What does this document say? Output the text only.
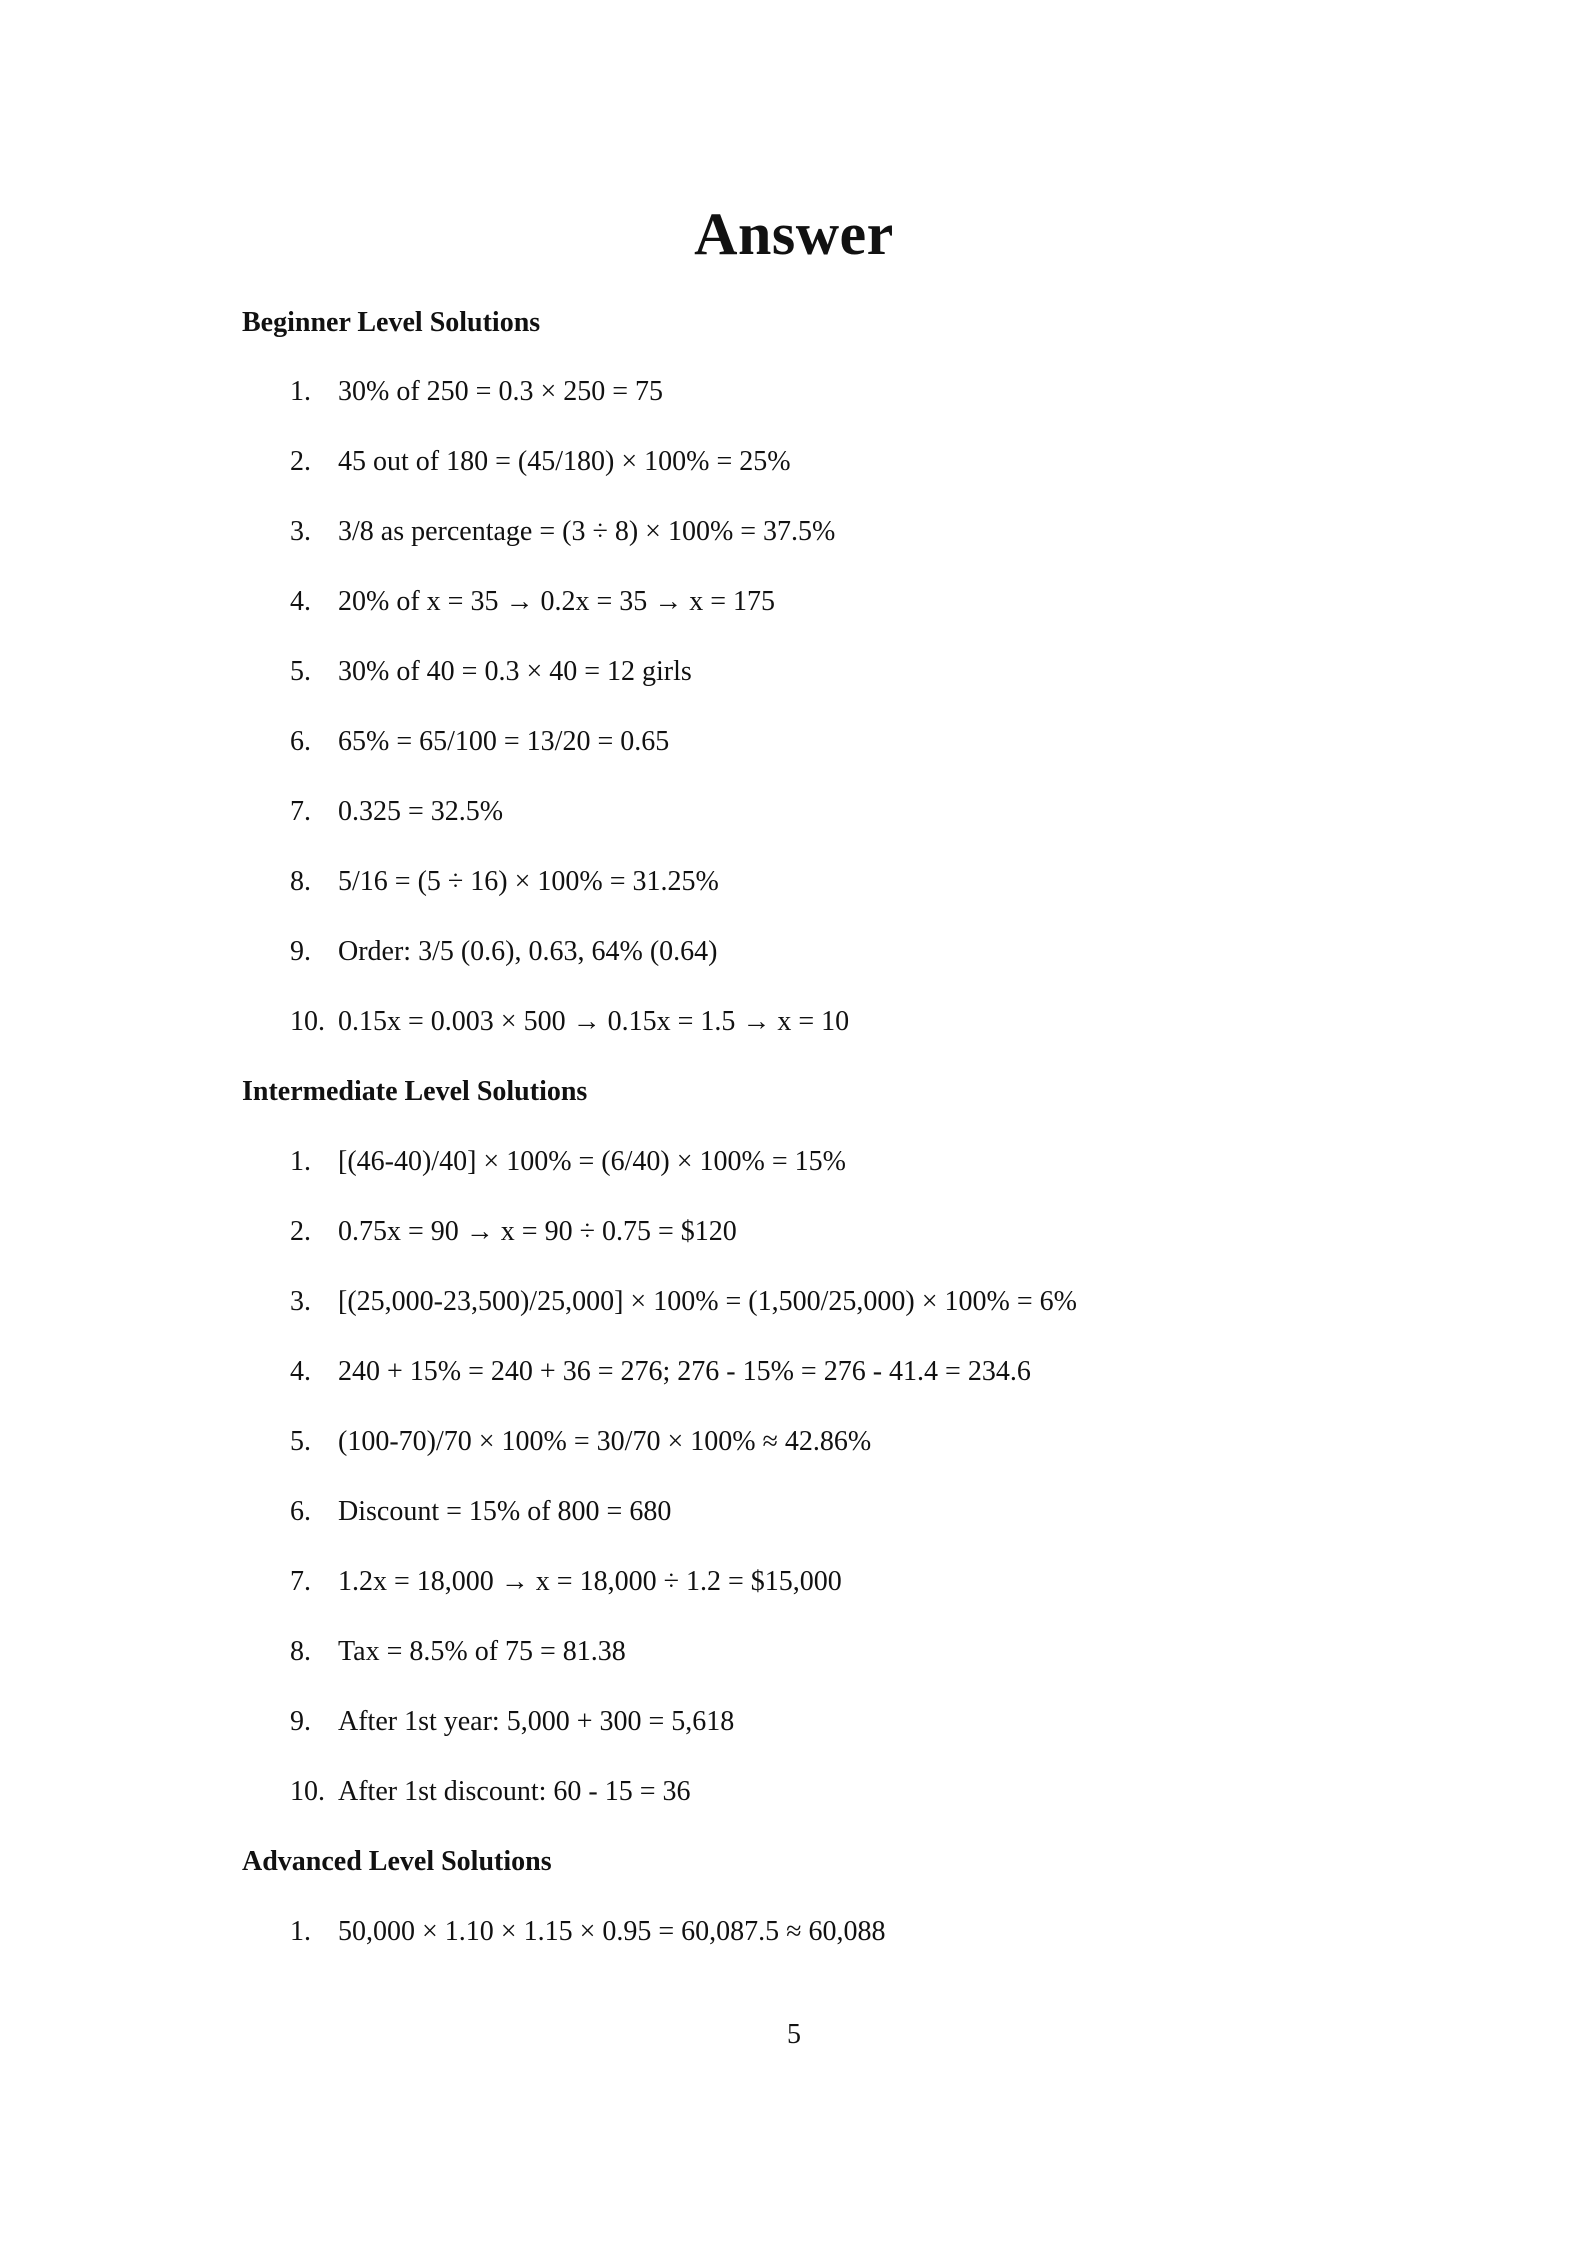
Answer
Beginner Level Solutions
1. 30% of 250 = 0.3 × 250 = 75
2. 45 out of 180 = (45/180) × 100% = 25%
3. 3/8 as percentage = (3 ÷ 8) × 100% = 37.5%
4. 20% of x = 35 → 0.2x = 35 → x = 175
5. 30% of 40 = 0.3 × 40 = 12 girls
6. 65% = 65/100 = 13/20 = 0.65
7. 0.325 = 32.5%
8. 5/16 = (5 ÷ 16) × 100% = 31.25%
9. Order: 3/5 (0.6), 0.63, 64% (0.64)
10. 0.15x = 0.003 × 500 → 0.15x = 1.5 → x = 10
Intermediate Level Solutions
1. [(46-40)/40] × 100% = (6/40) × 100% = 15%
2. 0.75x = 90 → x = 90 ÷ 0.75 = $120
3. [(25,000-23,500)/25,000] × 100% = (1,500/25,000) × 100% = 6%
4. 240 + 15% = 240 + 36 = 276; 276 - 15% = 276 - 41.4 = 234.6
5. (100-70)/70 × 100% = 30/70 × 100% ≈ 42.86%
6. Discount = 15% of 800 = 680
7. 1.2x = 18,000 → x = 18,000 ÷ 1.2 = $15,000
8. Tax = 8.5% of 75 = 81.38
9. After 1st year: 5,000 + 300 = 5,618
10. After 1st discount: 60 - 15 = 36
Advanced Level Solutions
1. 50,000 × 1.10 × 1.15 × 0.95 = 60,087.5 ≈ 60,088
5
